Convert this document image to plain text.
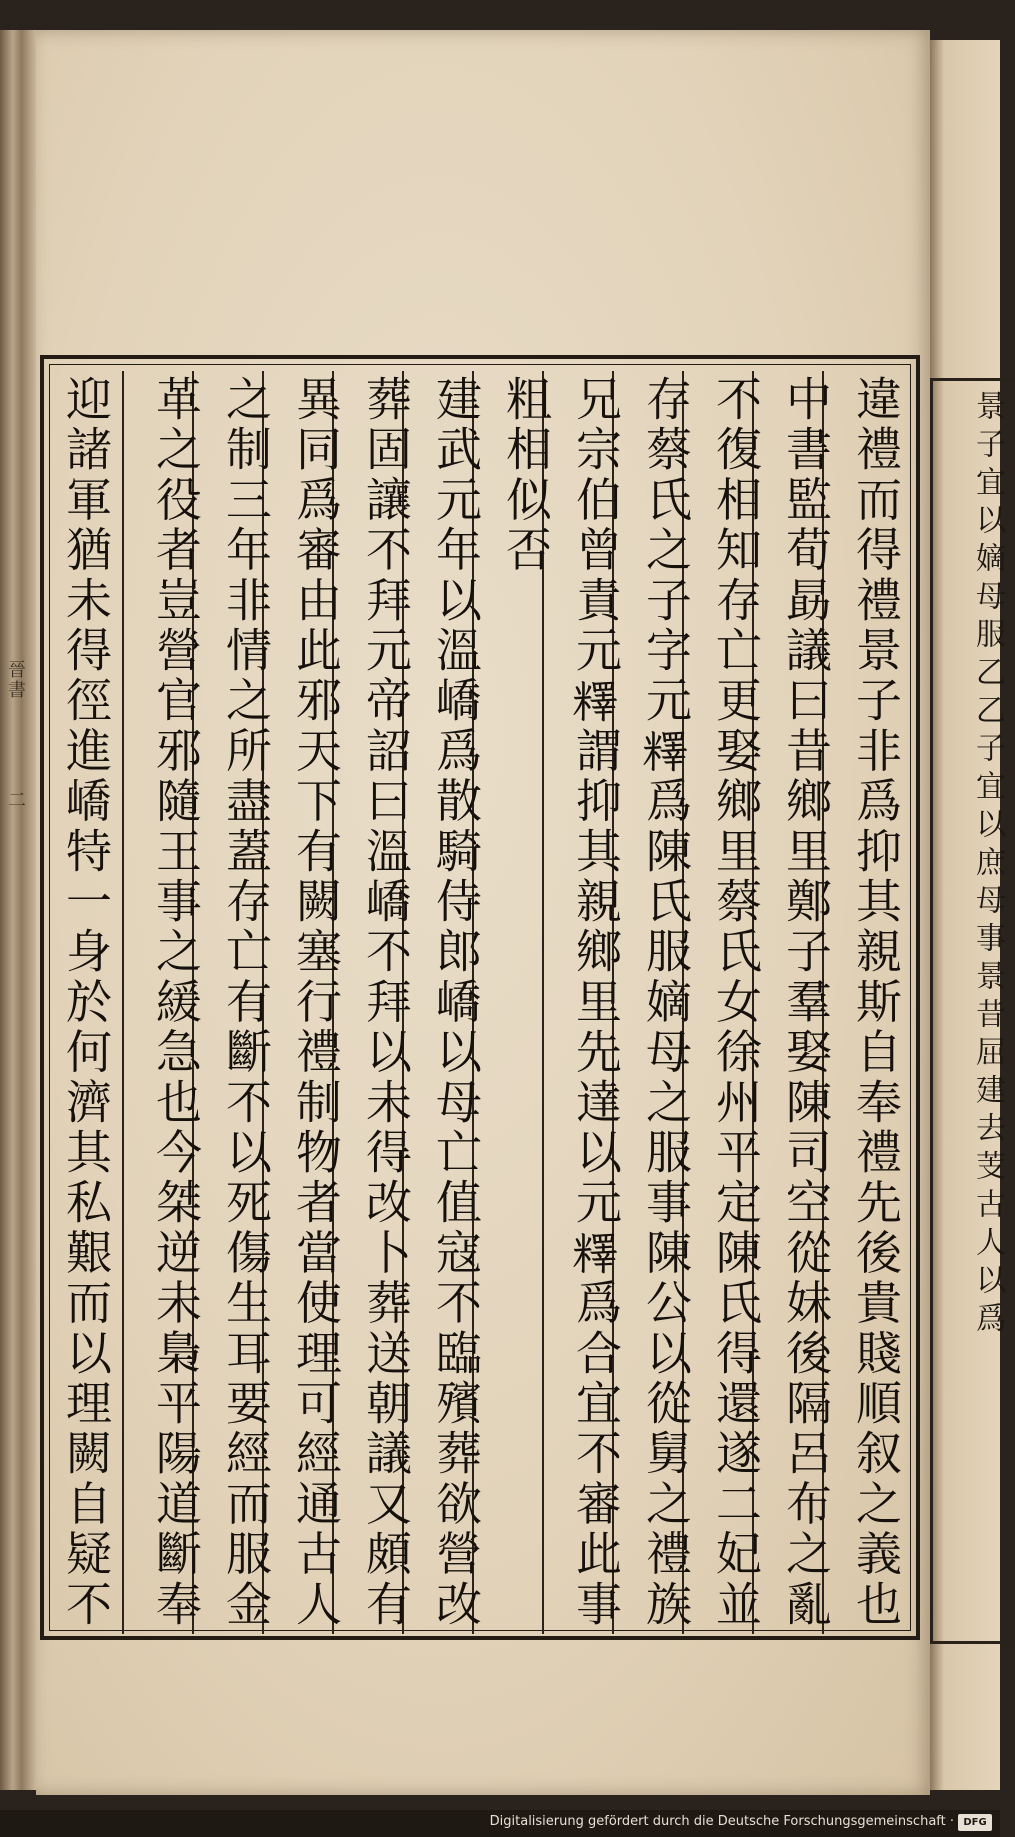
晉書
二	景子宜以嫡母服乙乙子宜以庶母事景昔屈建去芰古人以爲
違禮而得禮景子非爲抑其親斯自奉禮先後貴賤順叙之義也
中書監荀勗議曰昔鄉里鄭子羣娶陳司空從妹後隔呂布之亂
不復相知存亡更娶鄉里蔡氏女徐州平定陳氏得還遂二妃並
存蔡氏之子字元𥼶爲陳氏服嫡母之服事陳公以從舅之禮族
兄宗伯曾責元𥼶謂抑其親鄉里先達以元𥼶爲合宜不審此事
粗相似否
建武元年以溫嶠爲散騎侍郎嶠以母亡值寇不臨殯葬欲營改
葬固讓不拜元帝詔曰溫嶠不拜以未得改卜葬送朝議又頗有
異同爲審由此邪天下有闕塞行禮制物者當使理可經通古人
之制三年非情之所盡蓋存亡有斷不以死傷生耳要經而服金
革之役者豈營官邪隨王事之緩急也今桀逆未梟平陽道斷奉
迎諸軍猶未得徑進嶠特一身於何濟其私艱而以理闕自疑不
Digitalisierung gefördert durch die Deutsche Forschungsgemeinschaft · DFG
